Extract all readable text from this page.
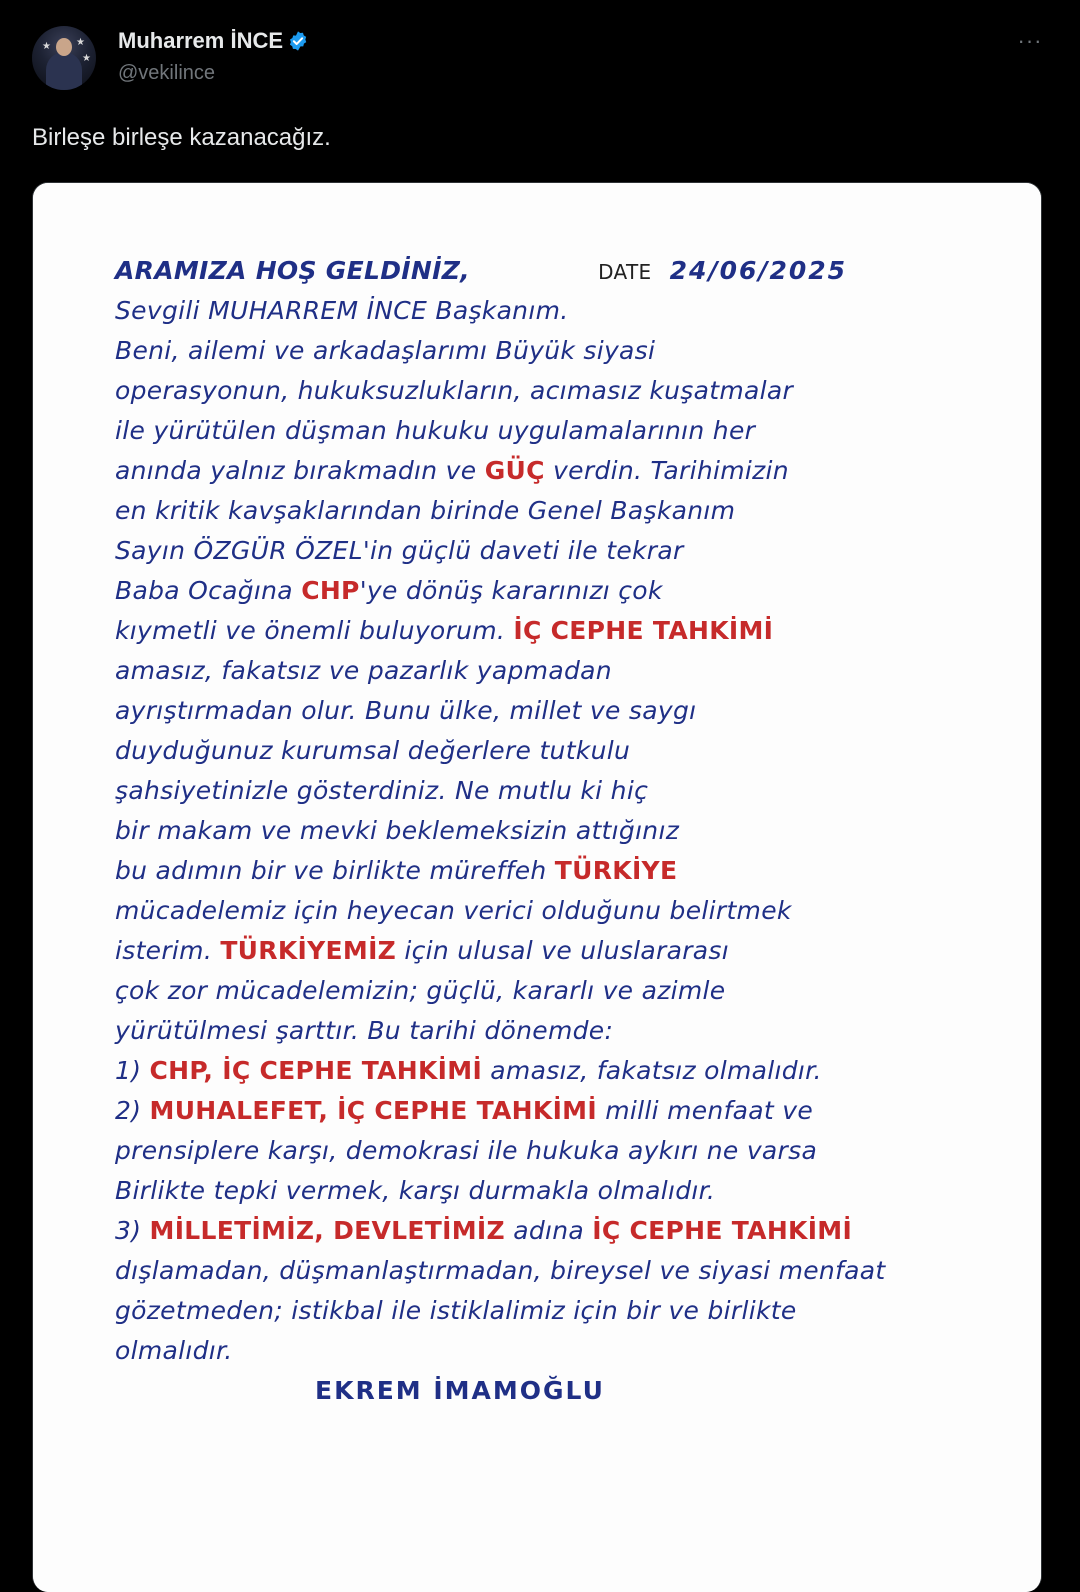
★	★
★
Muharrem İNCE
@vekilince
···
Birleşe birleşe kazanacağız.
ARAMIZA HOŞ GELDİNİZ,	DATE 24/06/2025
Sevgili MUHARREM İNCE Başkanım.
Beni, ailemi ve arkadaşlarımı Büyük siyasi
operasyonun, hukuksuzlukların, acımasız kuşatmalar
ile yürütülen düşman hukuku uygulamalarının her
anında yalnız bırakmadın ve GÜÇ verdin. Tarihimizin
en kritik kavşaklarından birinde Genel Başkanım
Sayın ÖZGÜR ÖZEL'in güçlü daveti ile tekrar
Baba Ocağına CHP'ye dönüş kararınızı çok
kıymetli ve önemli buluyorum. İÇ CEPHE TAHKİMİ
amasız, fakatsız ve pazarlık yapmadan
ayrıştırmadan olur. Bunu ülke, millet ve saygı
duyduğunuz kurumsal değerlere tutkulu
şahsiyetinizle gösterdiniz. Ne mutlu ki hiç
bir makam ve mevki beklemeksizin attığınız
bu adımın bir ve birlikte müreffeh TÜRKİYE
mücadelemiz için heyecan verici olduğunu belirtmek
isterim. TÜRKİYEMİZ için ulusal ve uluslararası
çok zor mücadelemizin; güçlü, kararlı ve azimle
yürütülmesi şarttır. Bu tarihi dönemde:
1) CHP, İÇ CEPHE TAHKİMİ amasız, fakatsız olmalıdır.
2) MUHALEFET, İÇ CEPHE TAHKİMİ milli menfaat ve
prensiplere karşı, demokrasi ile hukuka aykırı ne varsa
Birlikte tepki vermek, karşı durmakla olmalıdır.
3) MİLLETİMİZ, DEVLETİMİZ adına İÇ CEPHE TAHKİMİ
dışlamadan, düşmanlaştırmadan, bireysel ve siyasi menfaat
gözetmeden; istikbal ile istiklalimiz için bir ve birlikte
olmalıdır.
EKREM İMAMOĞLU
